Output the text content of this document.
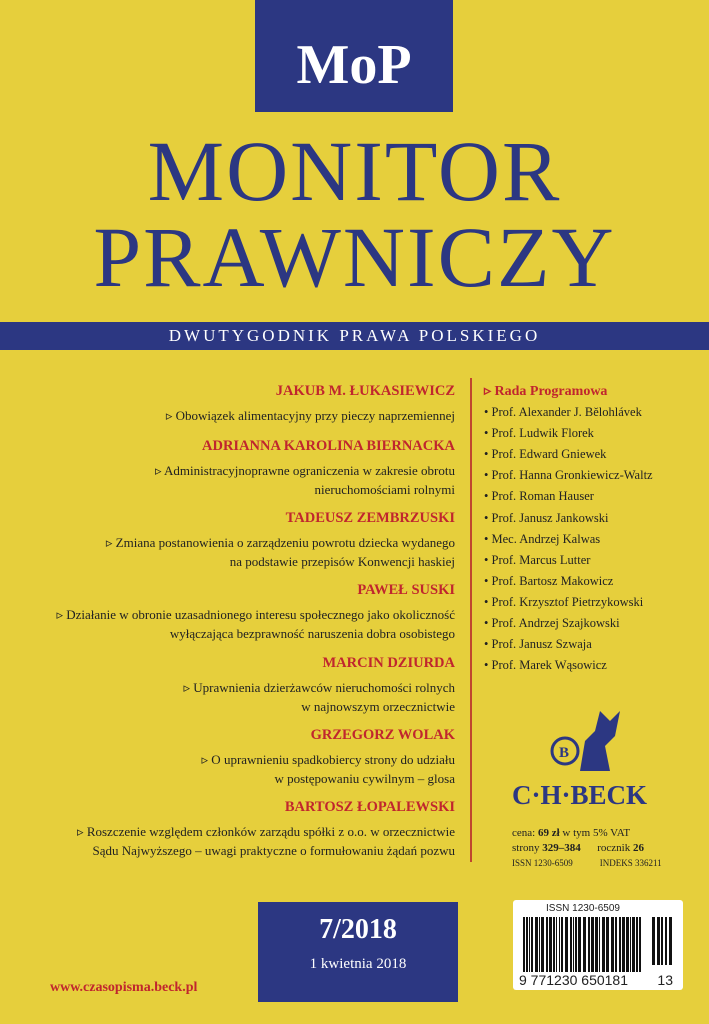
MoP
MONITOR
PRAWNICZY
DWUTYGODNIK PRAWA POLSKIEGO
JAKUB M. ŁUKASIEWICZ
▹ Obowiązek alimentacyjny przy pieczy naprzemiennej
ADRIANNA KAROLINA BIERNACKA
▹ Administracyjnoprawne ograniczenia w zakresie obrotu
nieruchomościami rolnymi
TADEUSZ ZEMBRZUSKI
▹ Zmiana postanowienia o zarządzeniu powrotu dziecka wydanego
na podstawie przepisów Konwencji haskiej
PAWEŁ SUSKI
▹ Działanie w obronie uzasadnionego interesu społecznego jako okoliczność
wyłączająca bezprawność naruszenia dobra osobistego
MARCIN DZIURDA
▹ Uprawnienia dzierżawców nieruchomości rolnych
w najnowszym orzecznictwie
GRZEGORZ WOLAK
▹ O uprawnieniu spadkobiercy strony do udziału
w postępowaniu cywilnym – glosa
BARTOSZ ŁOPALEWSKI
▹ Roszczenie względem członków zarządu spółki z o.o. w orzecznictwie
Sądu Najwyższego – uwagi praktyczne o formułowaniu żądań pozwu
▹ Rada Programowa
• Prof. Alexander J. Bělohlávek
• Prof. Ludwik Florek
• Prof. Edward Gniewek
• Prof. Hanna Gronkiewicz-Waltz
• Prof. Roman Hauser
• Prof. Janusz Jankowski
• Mec. Andrzej Kalwas
• Prof. Marcus Lutter
• Prof. Bartosz Makowicz
• Prof. Krzysztof Pietrzykowski
• Prof. Andrzej Szajkowski
• Prof. Janusz Szwaja
• Prof. Marek Wąsowicz
B
C·H·BECK
cena: 69 zł w tym 5% VAT
strony 329–384 rocznik 26
ISSN 1230-6509	INDEKS 336211
7/2018
1 kwietnia 2018
www.czasopisma.beck.pl
ISSN 1230-6509
9 771230 650181 13
